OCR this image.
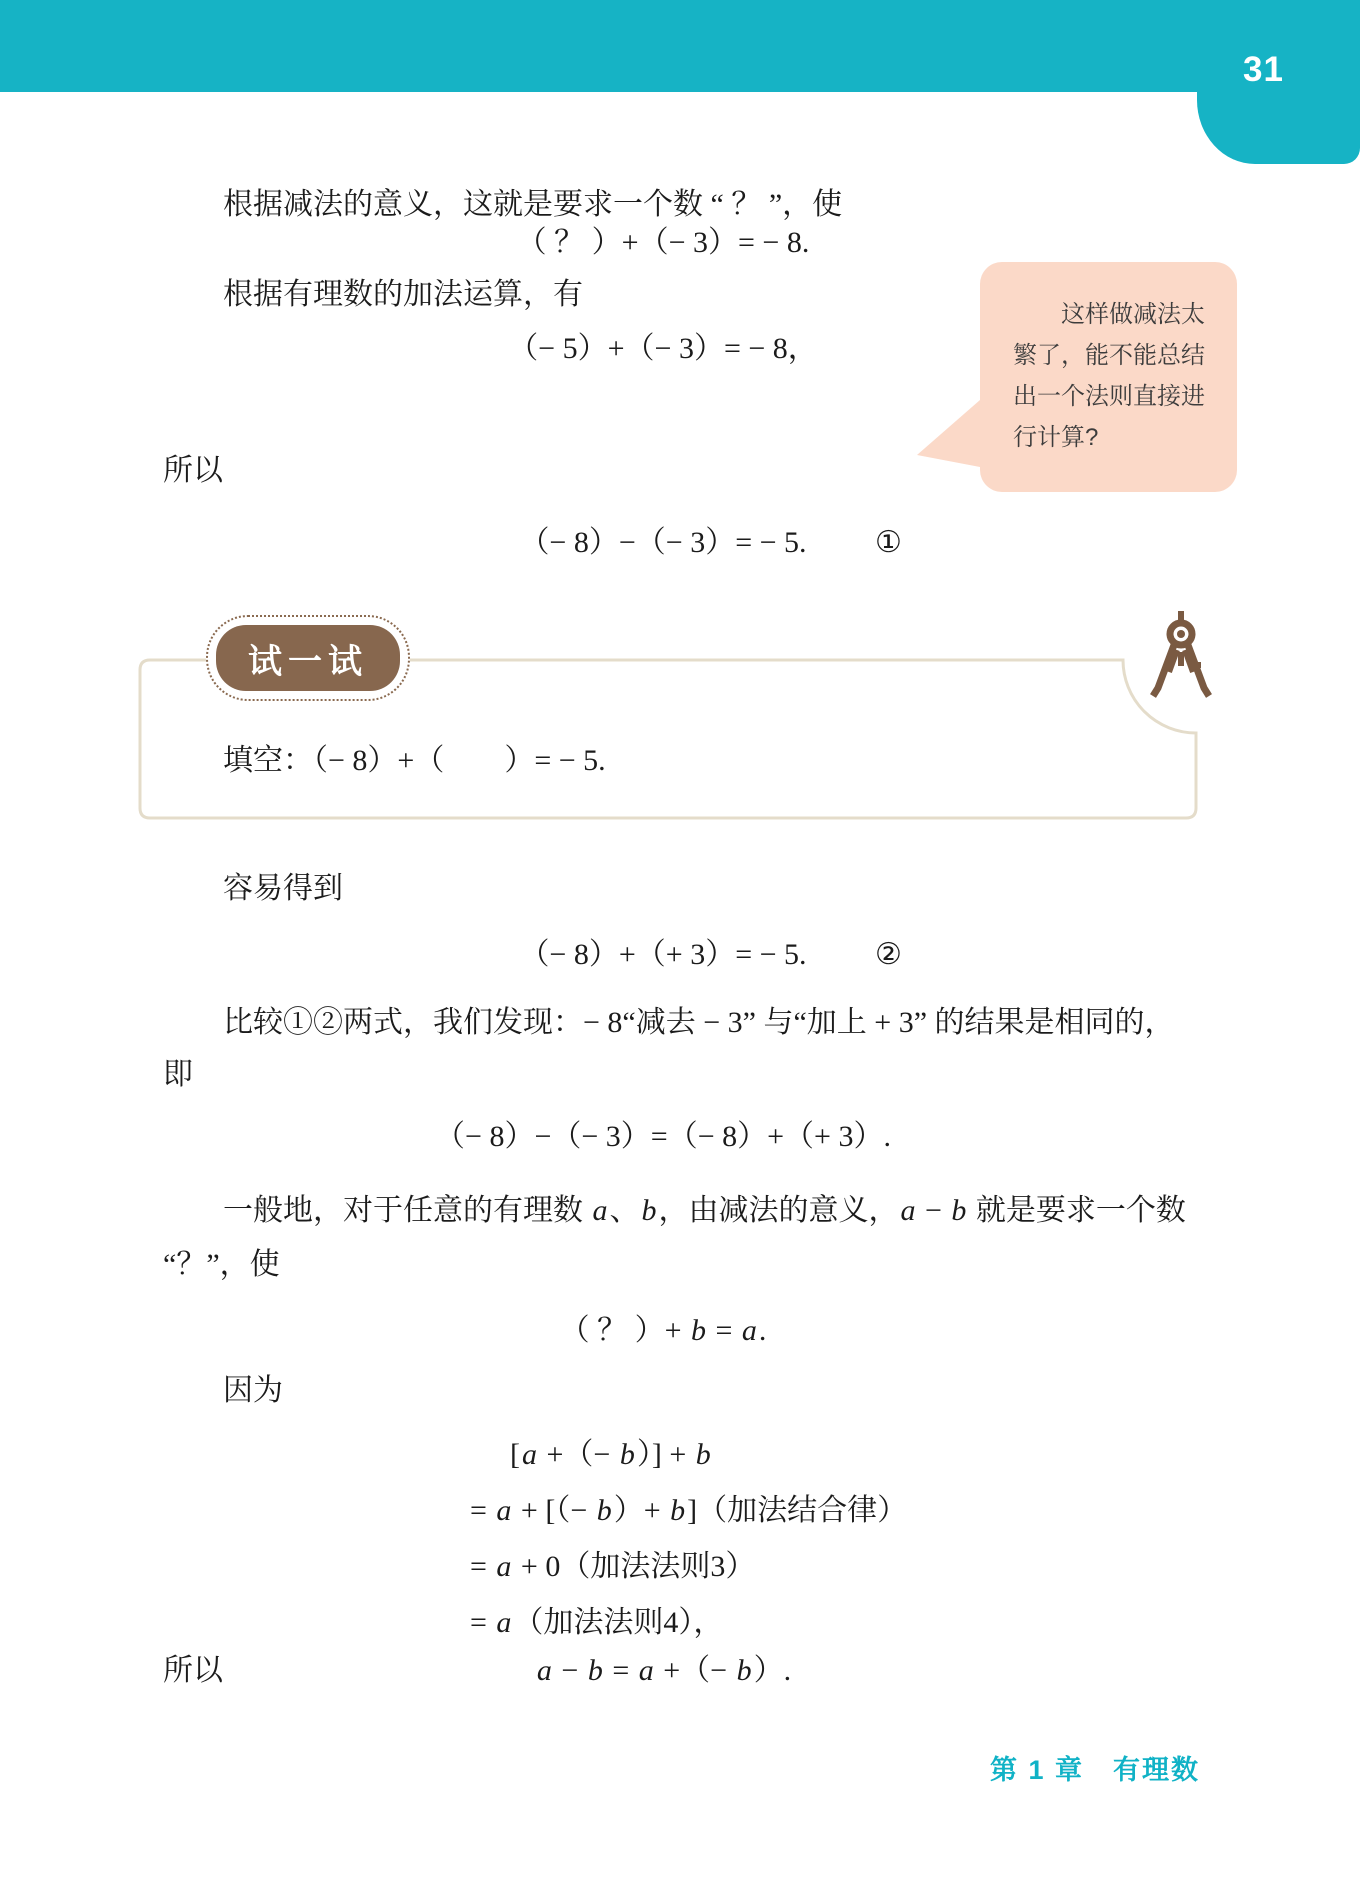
31
根据减法的意义，这就是要求一个数 “ ？ ”，使
（ ？ ）+（− 3）= − 8.
根据有理数的加法运算，有
（− 5）+（− 3）= − 8，
这样做减法太
繁了，能不能总结
出一个法则直接进
行计算?
所以
（− 8）−（− 3）= − 5. ①
试一试
填空：（− 8）+（　　）= − 5.
容易得到
（− 8）+（+ 3）= − 5. ②
比较①②两式，我们发现：− 8“减去 − 3” 与“加上 + 3” 的结果是相同的，
即
（− 8）−（− 3）=（− 8）+（+ 3）.
一般地，对于任意的有理数 a、b，由减法的意义，a − b 就是要求一个数
“？”，使
（ ？ ）+ b = a.
因为
[a +（− b）] + b
= a + [（− b）+ b]（加法结合律）
= a + 0（加法法则3）
= a（加法法则4），
所以	a − b = a +（− b）.
第 1 章　有理数
